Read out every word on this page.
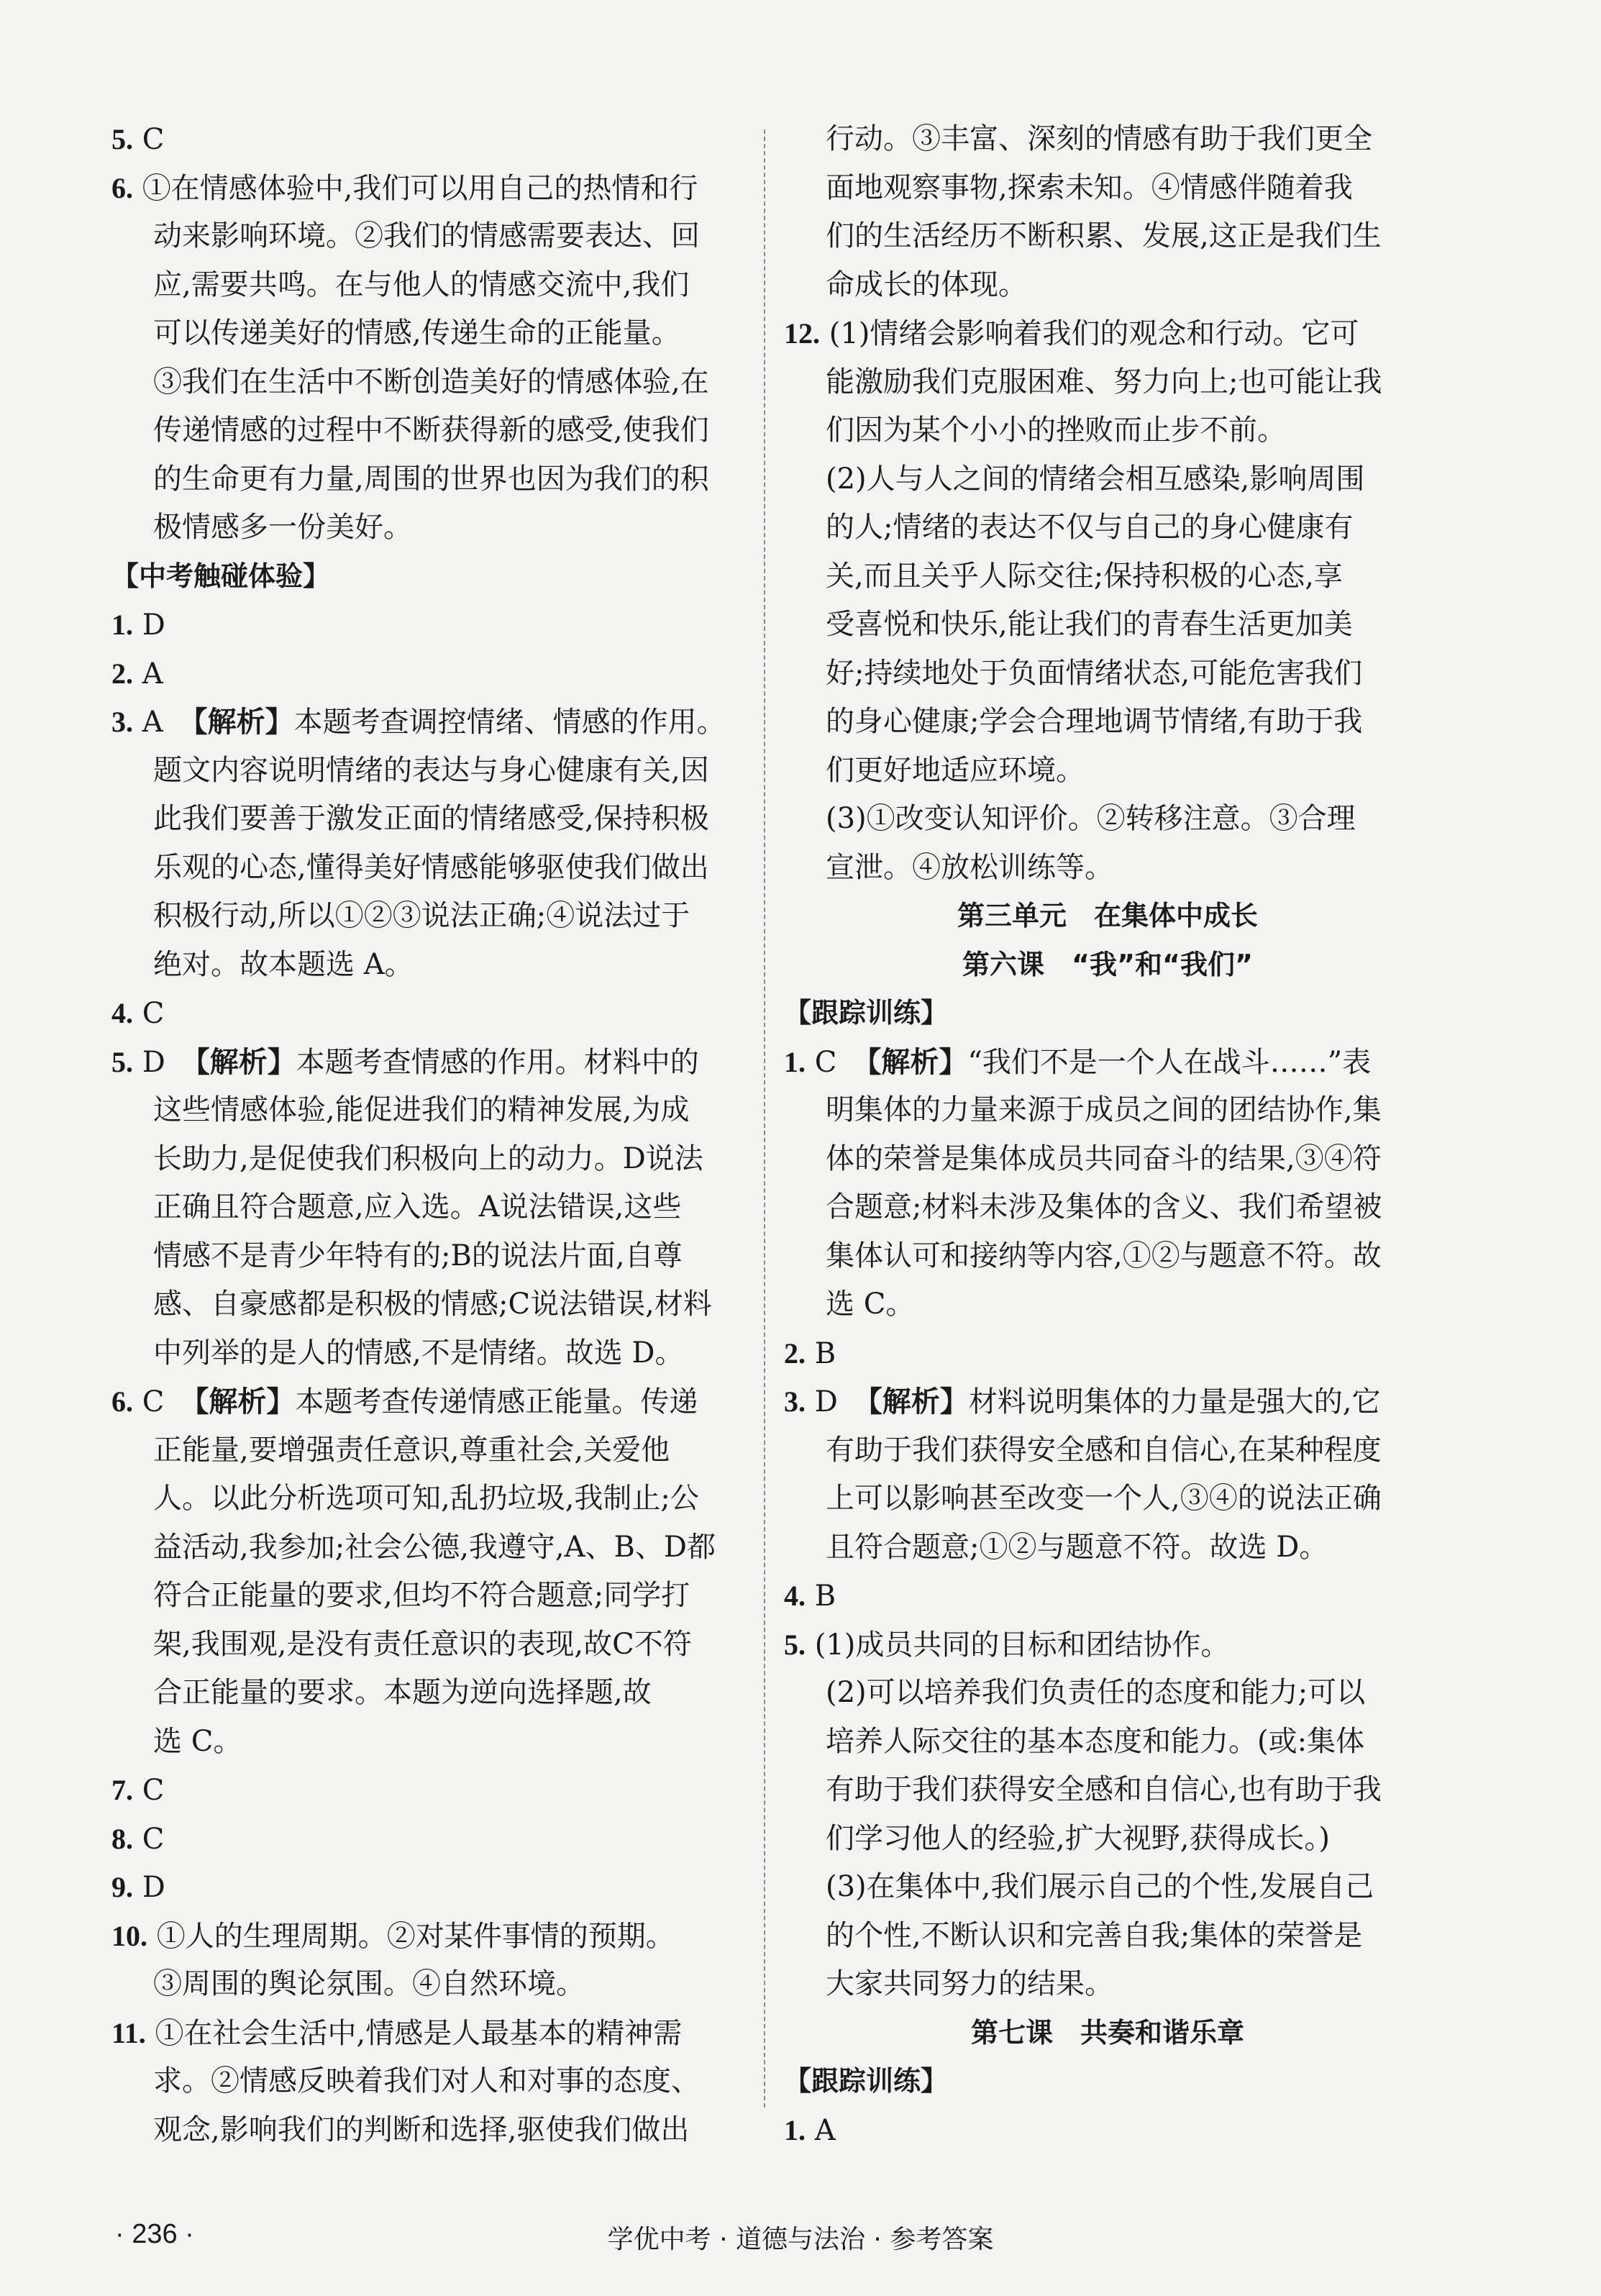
5. C
6. ①在情感体验中,我们可以用自己的热情和行
动来影响环境。②我们的情感需要表达、回
应,需要共鸣。在与他人的情感交流中,我们
可以传递美好的情感,传递生命的正能量。
③我们在生活中不断创造美好的情感体验,在
传递情感的过程中不断获得新的感受,使我们
的生命更有力量,周围的世界也因为我们的积
极情感多一份美好。
【中考触碰体验】
1. D
2. A
3. A 【解析】本题考查调控情绪、情感的作用。
题文内容说明情绪的表达与身心健康有关,因
此我们要善于激发正面的情绪感受,保持积极
乐观的心态,懂得美好情感能够驱使我们做出
积极行动,所以①②③说法正确;④说法过于
绝对。故本题选 A。
4. C
5. D 【解析】本题考查情感的作用。材料中的
这些情感体验,能促进我们的精神发展,为成
长助力,是促使我们积极向上的动力。D说法
正确且符合题意,应入选。A说法错误,这些
情感不是青少年特有的;B的说法片面,自尊
感、自豪感都是积极的情感;C说法错误,材料
中列举的是人的情感,不是情绪。故选 D。
6. C 【解析】本题考查传递情感正能量。传递
正能量,要增强责任意识,尊重社会,关爱他
人。以此分析选项可知,乱扔垃圾,我制止;公
益活动,我参加;社会公德,我遵守,A、B、D都
符合正能量的要求,但均不符合题意;同学打
架,我围观,是没有责任意识的表现,故C不符
合正能量的要求。本题为逆向选择题,故
选 C。
7. C
8. C
9. D
10. ①人的生理周期。②对某件事情的预期。
③周围的舆论氛围。④自然环境。
11. ①在社会生活中,情感是人最基本的精神需
求。②情感反映着我们对人和对事的态度、
观念,影响我们的判断和选择,驱使我们做出
行动。③丰富、深刻的情感有助于我们更全
面地观察事物,探索未知。④情感伴随着我
们的生活经历不断积累、发展,这正是我们生
命成长的体现。
12. (1)情绪会影响着我们的观念和行动。它可
能激励我们克服困难、努力向上;也可能让我
们因为某个小小的挫败而止步不前。
(2)人与人之间的情绪会相互感染,影响周围
的人;情绪的表达不仅与自己的身心健康有
关,而且关乎人际交往;保持积极的心态,享
受喜悦和快乐,能让我们的青春生活更加美
好;持续地处于负面情绪状态,可能危害我们
的身心健康;学会合理地调节情绪,有助于我
们更好地适应环境。
(3)①改变认知评价。②转移注意。③合理
宣泄。④放松训练等。
第三单元　在集体中成长
第六课　“我”和“我们”
【跟踪训练】
1. C 【解析】“我们不是一个人在战斗……”表
明集体的力量来源于成员之间的团结协作,集
体的荣誉是集体成员共同奋斗的结果,③④符
合题意;材料未涉及集体的含义、我们希望被
集体认可和接纳等内容,①②与题意不符。故
选 C。
2. B
3. D 【解析】材料说明集体的力量是强大的,它
有助于我们获得安全感和自信心,在某种程度
上可以影响甚至改变一个人,③④的说法正确
且符合题意;①②与题意不符。故选 D。
4. B
5. (1)成员共同的目标和团结协作。
(2)可以培养我们负责任的态度和能力;可以
培养人际交往的基本态度和能力。(或:集体
有助于我们获得安全感和自信心,也有助于我
们学习他人的经验,扩大视野,获得成长。)
(3)在集体中,我们展示自己的个性,发展自己
的个性,不断认识和完善自我;集体的荣誉是
大家共同努力的结果。
第七课　共奏和谐乐章
【跟踪训练】
1. A
· 236 ·	学优中考 · 道德与法治 · 参考答案
